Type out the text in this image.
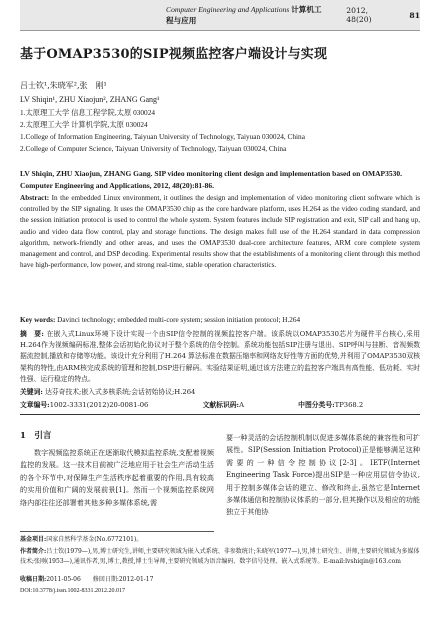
Computer Engineering and Applications 计算机工程与应用
2012, 48(20)	81
基于OMAP3530的SIP视频监控客户端设计与实现
吕士钦¹,朱晓军²,张　刚¹
LV Shiqin¹, ZHU Xiaojun², ZHANG Gang¹
1.太原理工大学 信息工程学院,太原 030024
2.太原理工大学 计算机学院,太原 030024
1.College of Information Engineering, Taiyuan University of Technology, Taiyuan 030024, China
2.College of Computer Science, Taiyuan University of Technology, Taiyuan 030024, China
LV Shiqin, ZHU Xiaojun, ZHANG Gang. SIP video monitoring client design and implementation based on OMAP3530. Computer Engineering and Applications, 2012, 48(20):81-86.
Abstract: In the embedded Linux environment, it outlines the design and implementation of video monitoring client software which is controlled by the SIP signaling. It uses the OMAP3530 chip as the core hardware platform, uses H.264 as the video coding standard, and the session initiation protocol is used to control the whole system. System features include SIP registration and exit, SIP call and hang up, audio and video data flow control, play and storage functions. The design makes full use of the H.264 standard in data compression algorithm, network-friendly and other areas, and uses the OMAP3530 dual-core architecture features, ARM core complete system management and control, and DSP decoding. Experimental results show that the establishments of a monitoring client through this method have high-performance, low power, and strong real-time, stable operation characteristics.
Key words: Davinci technology; embedded multi-core system; session initiation protocol; H.264
摘　要: 在嵌入式Linux环境下设计实现一个由SIP信令控制的视频监控客户端。该系统以OMAP3530芯片为硬件平台核心,采用H.264作为视频编码标准,整体会话初始化协议对于整个系统的信令控制。系统功能包括SIP注册与退出、SIP呼叫与挂断、音视频数据流控制,播放和存储等功能。该设计充分利用了H.264 算法标准在数据压缩率和网络友好性等方面的优势,并利用了OMAP3530双核架构的特性,由ARM核完成系统的管理和控制,DSP进行解码。实验结果证明,通过该方法建立的监控客户端具有高性能、低功耗、实时性强、运行稳定的特点。
关键词: 达芬奇技术;嵌入式多核系统;会话初始协议;H.264
文章编号:1002-3331(2012)20-0081-06	文献标识码:A	中图分类号:TP368.2
1　引言
数字视频监控系统正在逐渐取代模拟监控系统,支配着视频监控的发展。这一技术目前被广泛地应用于社会生产活动生活的各个环节中,对保障生产生活秩序起着重要的作用,具有较高的实用价值和广阔的发展前景[1]。然而一个视频监控系统网络内部往往还部署着其他多种多媒体系统,需
要一种灵活的会话控制机制以促进多媒体系统的兼容性和可扩展性。SIP(Session Initiation Protocol)正是能够满足这种需要的一种信令控制协议[2-3]。IETF(Internet Engineering Task Force)提出SIP是一种应用层信令协议,用于控制多媒体会话的建立、修改和终止,虽然它是Internet多媒体通信和控制协议体系的一部分,但其操作以及相应的功能独立于其他协
基金项目:国家自然科学基金(No.6772101)。
作者简介:吕士钦(1979—),男,博士研究生,讲师,主要研究领域为嵌入式系统、非参数统计;朱晓军(1977—),男,博士研究生、讲师,主要研究领域为多媒体技术;张刚(1953—),通讯作者,男,博士,教授,博士生导师,主要研究领域为语音编码、数字信号处理、嵌入式系统等。E-mail:lvshiqin@163.com
收稿日期:2011-05-06　　修回日期:2012-01-17
DOI:10.3778/j.issn.1002-8331.2012.20.017
